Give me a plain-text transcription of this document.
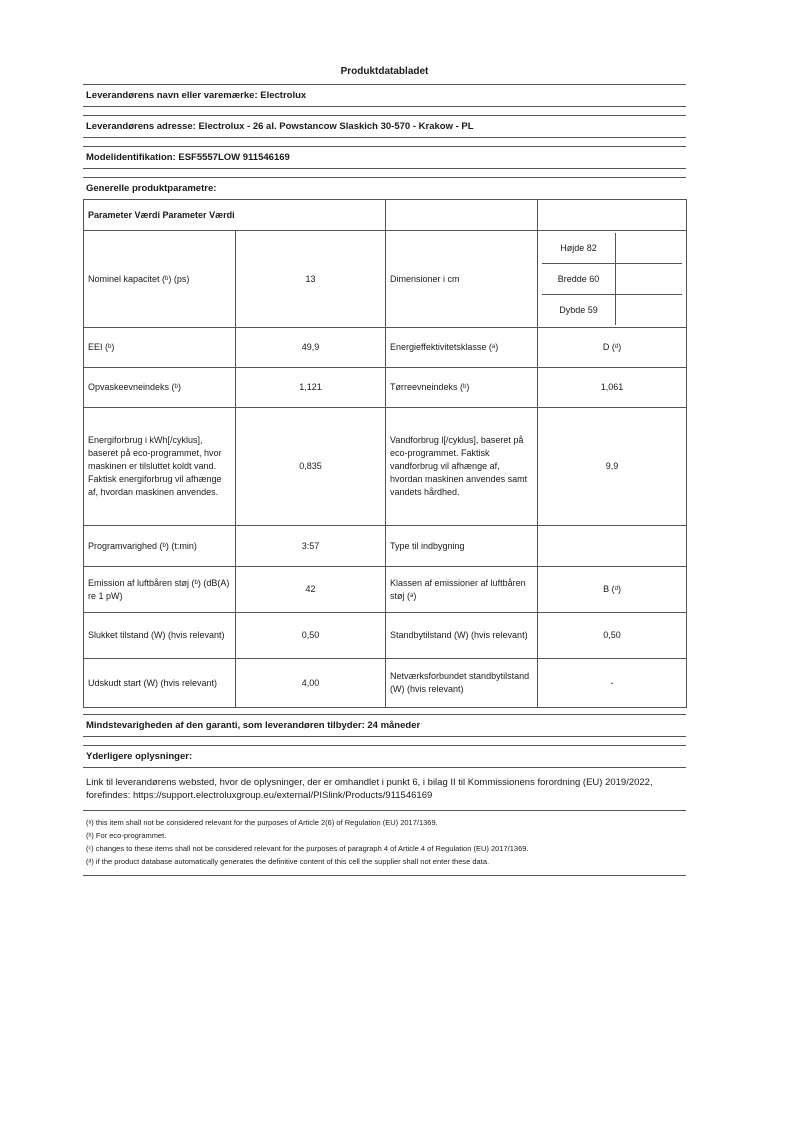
Produktdatabladet
Leverandørens navn eller varemærke: Electrolux
Leverandørens adresse: Electrolux - 26 al. Powstancow Slaskich 30-570 - Krakow - PL
Modelidentifikation: ESF5557LOW 911546169
Generelle produktparametre:
Parameter Værdi Parameter Værdi			
Nominel kapacitet (ᵇ) (ps)	13	Dimensioner i cm	Højde 82
Bredde 60
Dybde 59

EEI (ᵇ)	49,9	Energieffektivitetsklasse (ᵃ)	D (ᵈ)
Opvaskeevneindeks (ᵇ)	1,121	Tørreevneindeks (ᵇ)	1,061
Energiforbrug i kWh[/cyklus], baseret på eco-programmet, hvor maskinen er tilsluttet koldt vand. Faktisk energiforbrug vil afhænge af, hvordan maskinen anvendes.	0,835	Vandforbrug l[/cyklus], baseret på eco-programmet. Faktisk vandforbrug vil afhænge af, hvordan maskinen anvendes samt vandets hårdhed.	9,9
Programvarighed (ᵇ) (t:min)	3:57	Type til indbygning	
Emission af luftbåren støj (ᵇ) (dB(A) re 1 pW)	42	Klassen af emissioner af luftbåren støj (ᵃ)	B (ᵈ)
Slukket tilstand (W) (hvis relevant)	0,50	Standbytilstand (W) (hvis relevant)	0,50
Udskudt start (W) (hvis relevant)	4,00	Netværksforbundet standbytilstand (W) (hvis relevant)	-
Mindstevarigheden af den garanti, som leverandøren tilbyder: 24 måneder
Yderligere oplysninger:
Link til leverandørens websted, hvor de oplysninger, der er omhandlet i punkt 6, i bilag II til Kommissionens forordning (EU) 2019/2022, forefindes: https://support.electroluxgroup.eu/external/PISlink/Products/911546169
(ᵃ) this item shall not be considered relevant for the purposes of Article 2(6) of Regulation (EU) 2017/1369.
(ᵇ) For eco-programmet.
(ᶜ) changes to these items shall not be considered relevant for the purposes of paragraph 4 of Article 4 of Regulation (EU) 2017/1369.
(ᵈ) if the product database automatically generates the definitive content of this cell the supplier shall not enter these data.
